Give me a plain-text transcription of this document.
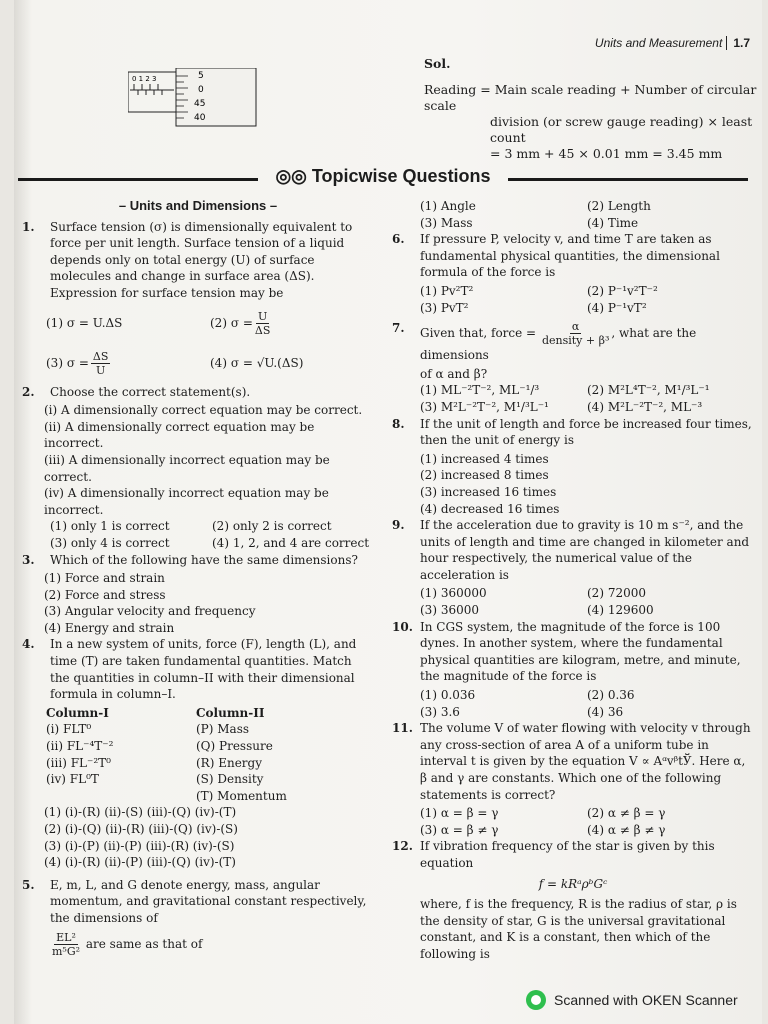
Units and Measurement 1.7
0 1 2 3	5
0
45
40
Sol.
Reading = Main scale reading + Number of circular scale
division (or screw gauge reading) × least count
= 3 mm + 45 × 0.01 mm = 3.45 mm
◎◎ Topicwise Questions
– Units and Dimensions –
1. Surface tension (σ) is dimensionally equivalent to force per unit length. Surface tension of a liquid depends only on total energy (U) of surface molecules and change in surface area (ΔS). Expression for surface tension may be
(1) σ = U.ΔS	(2) $\sigma = \frac{U}{\Delta S}$
(3) $\sigma = \frac{\Delta S}{U}$	(4) σ = √U.(ΔS)
2. Choose the correct statement(s).
(i) A dimensionally correct equation may be correct.
(ii) A dimensionally correct equation may be incorrect.
(iii) A dimensionally incorrect equation may be correct.
(iv) A dimensionally incorrect equation may be incorrect.
(1) only 1 is correct	(2) only 2 is correct
(3) only 4 is correct	(4) 1, 2, and 4 are correct
3. Which of the following have the same dimensions?
(1) Force and strain
(2) Force and stress
(3) Angular velocity and frequency
(4) Energy and strain
4. In a new system of units, force (F), length (L), and time (T) are taken fundamental quantities. Match the quantities in column–II with their dimensional formula in column–I.
Column-I	Column-II
(i) FLT⁰	(P) Mass
(ii) FL⁻⁴T⁻²	(Q) Pressure
(iii) FL⁻²T⁰	(R) Energy
(iv) FL⁰T	(S) Density
(T) Momentum
(1) (i)-(R) (ii)-(S) (iii)-(Q) (iv)-(T)
(2) (i)-(Q) (ii)-(R) (iii)-(Q) (iv)-(S)
(3) (i)-(P) (ii)-(P) (iii)-(R) (iv)-(S)
(4) (i)-(R) (ii)-(P) (iii)-(Q) (iv)-(T)
5. E, m, L, and G denote energy, mass, angular momentum, and gravitational constant respectively, the dimensions of
$\frac{\text{EL²}}{\text{m⁵G²}}$ are same as that of
(1) Angle	(2) Length
(3) Mass	(4) Time
6. If pressure P, velocity v, and time T are taken as fundamental physical quantities, the dimensional formula of the force is
(1) Pv²T²	(2) P⁻¹v²T⁻²
(3) PvT²	(4) P⁻¹vT²
7. Given that, force = $\frac{\alpha}{\text{density + β³}}$ , what are the dimensions
of α and β?
(1) ML⁻²T⁻², ML⁻¹/³	(2) M²L⁴T⁻², M¹/³L⁻¹
(3) M²L⁻²T⁻², M¹/³L⁻¹	(4) M²L⁻²T⁻², ML⁻³
8. If the unit of length and force be increased four times, then the unit of energy is
(1) increased 4 times
(2) increased 8 times
(3) increased 16 times
(4) decreased 16 times
9. If the acceleration due to gravity is 10 m s⁻², and the units of length and time are changed in kilometer and hour respectively, the numerical value of the acceleration is
(1) 360000	(2) 72000
(3) 36000	(4) 129600
10. In CGS system, the magnitude of the force is 100 dynes. In another system, where the fundamental physical quantities are kilogram, metre, and minute, the magnitude of the force is
(1) 0.036	(2) 0.36
(3) 3.6	(4) 36
11. The volume V of water flowing with velocity v through any cross-section of area A of a uniform tube in interval t is given by the equation V ∝ AᵅvᵝtЎ. Here α, β and γ are constants. Which one of the following statements is correct?
(1) α = β = γ	(2) α ≠ β = γ
(3) α = β ≠ γ	(4) α ≠ β ≠ γ
12. If vibration frequency of the star is given by this equation
f = kRᵃρᵇGᶜ
where, f is the frequency, R is the radius of star, ρ is the density of star, G is the universal gravitational constant, and K is a constant, then which of the following is
Scanned with OKEN Scanner
